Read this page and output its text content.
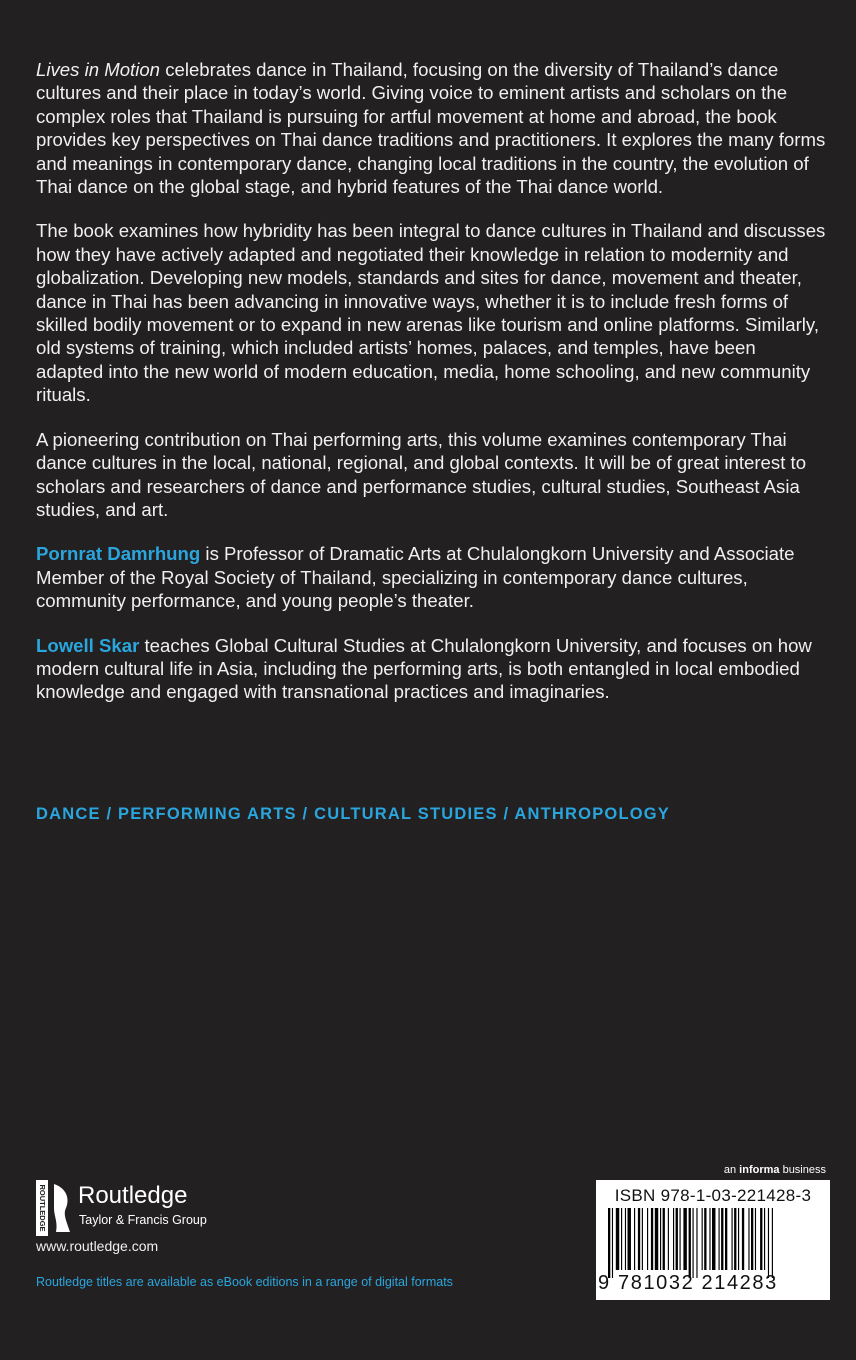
Lives in Motion celebrates dance in Thailand, focusing on the diversity of Thailand’s dance cultures and their place in today’s world. Giving voice to eminent artists and scholars on the complex roles that Thailand is pursuing for artful movement at home and abroad, the book provides key perspectives on Thai dance traditions and practitioners. It explores the many forms and meanings in contemporary dance, changing local traditions in the country, the evolution of Thai dance on the global stage, and hybrid features of the Thai dance world.

The book examines how hybridity has been integral to dance cultures in Thailand and discusses how they have actively adapted and negotiated their knowledge in relation to modernity and globalization. Developing new models, standards and sites for dance, movement and theater, dance in Thai has been advancing in innovative ways, whether it is to include fresh forms of skilled bodily movement or to expand in new arenas like tourism and online platforms. Similarly, old systems of training, which included artists’ homes, palaces, and temples, have been adapted into the new world of modern education, media, home schooling, and new community rituals.

A pioneering contribution on Thai performing arts, this volume examines contemporary Thai dance cultures in the local, national, regional, and global contexts. It will be of great interest to scholars and researchers of dance and performance studies, cultural studies, Southeast Asia studies, and art.

Pornrat Damrhung is Professor of Dramatic Arts at Chulalongkorn University and Associate Member of the Royal Society of Thailand, specializing in contemporary dance cultures, community performance, and young people’s theater.

Lowell Skar teaches Global Cultural Studies at Chulalongkorn University, and focuses on how modern cultural life in Asia, including the performing arts, is both entangled in local embodied knowledge and engaged with transnational practices and imaginaries.

DANCE / PERFORMING ARTS / CULTURAL STUDIES / ANTHROPOLOGY
an informa business
ISBN 978-1-03-221428-3
9 781032 214283
ROUTLEDGE Routledge
Taylor & Francis Group
www.routledge.com
Routledge titles are available as eBook editions in a range of digital formats
